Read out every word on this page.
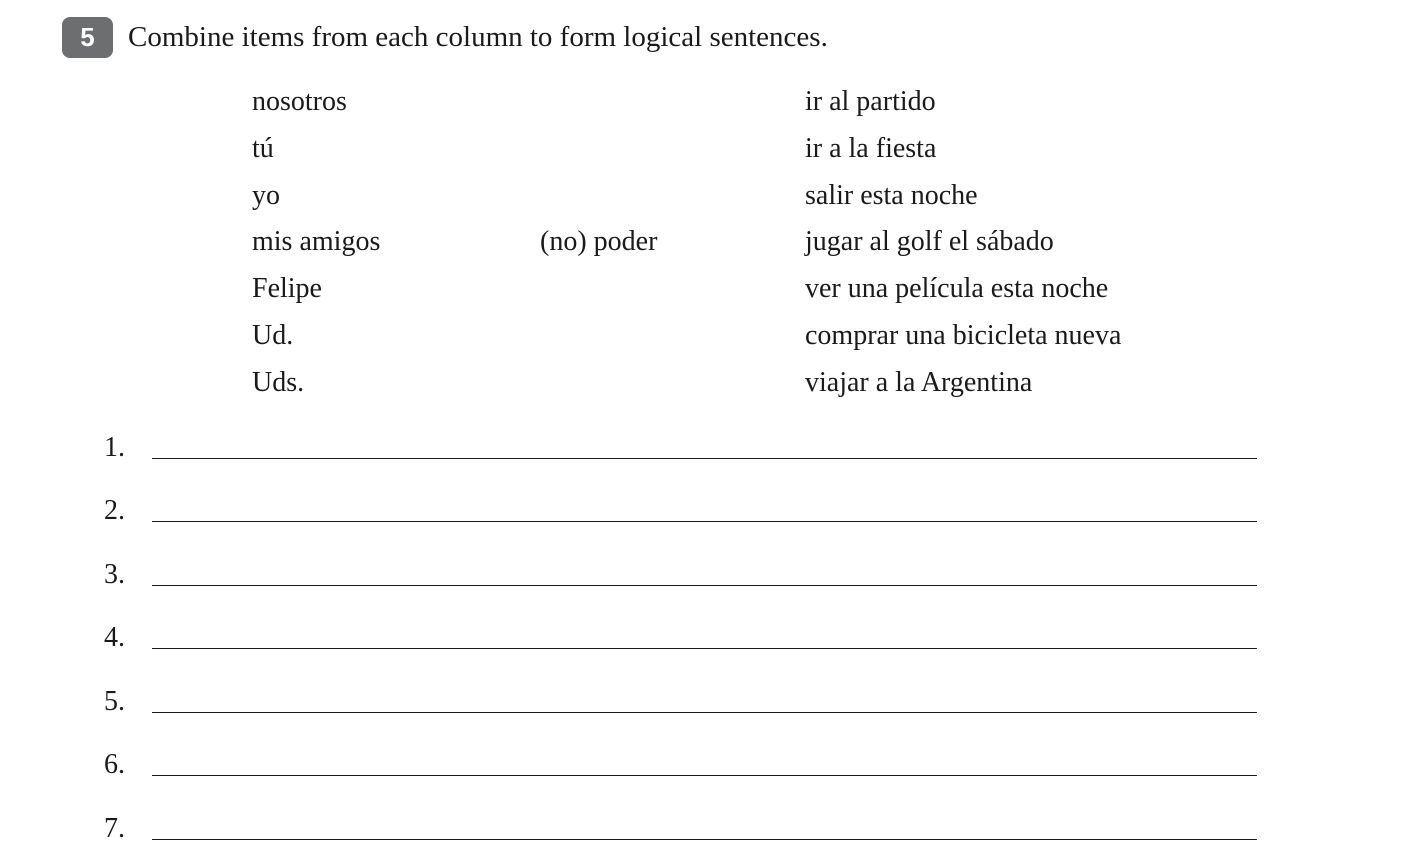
5	Combine items from each column to form logical sentences.
nosotros
tú
yo
mis amigos
Felipe
Ud.
Uds.
(no) poder
ir al partido
ir a la fiesta
salir esta noche
jugar al golf el sábado
ver una película esta noche
comprar una bicicleta nueva
viajar a la Argentina
1.
2.
3.
4.
5.
6.
7.
